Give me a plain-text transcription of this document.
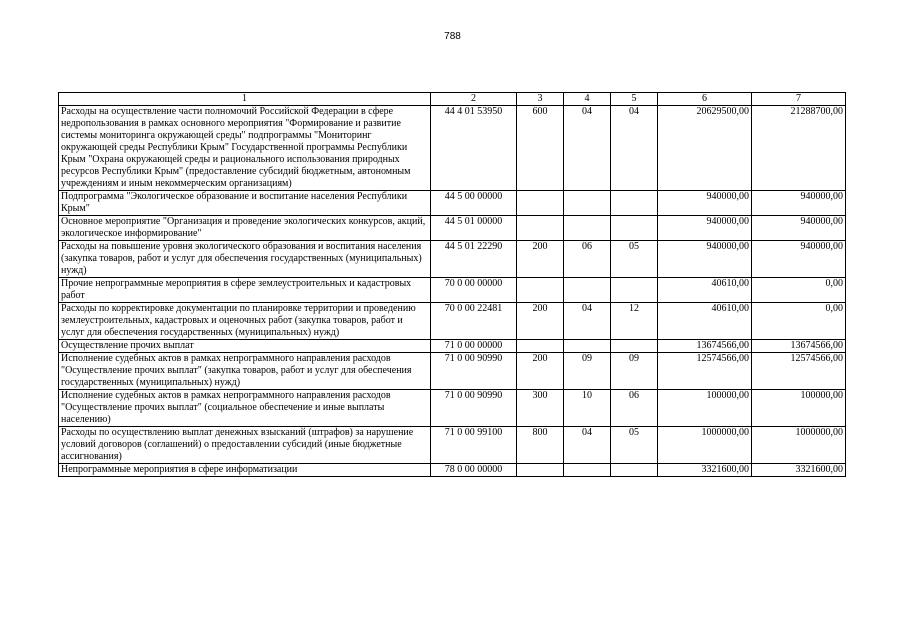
788
1	2	3	4	5	6	7
Расходы на осуществление части полномочий Российской Федерации в сфере недропользования в рамках основного мероприятия "Формирование и развитие системы мониторинга окружающей среды" подпрограммы "Мониторинг окружающей среды Республики Крым" Государственной программы Республики Крым "Охрана окружающей среды и рационального использования природных ресурсов Республики Крым" (предоставление субсидий бюджетным, автономным учреждениям и иным некоммерческим организациям)	44 4 01 53950	600	04	04	20629500,00	21288700,00
Подпрограмма "Экологическое образование и воспитание населения Республики Крым"	44 5 00 00000				940000,00	940000,00
Основное мероприятие "Организация и проведение экологических конкурсов, акций, экологическое информирование"	44 5 01 00000				940000,00	940000,00
Расходы на повышение уровня экологического образования и воспитания населения (закупка товаров, работ и услуг для обеспечения государственных (муниципальных) нужд)	44 5 01 22290	200	06	05	940000,00	940000,00
Прочие непрограммные мероприятия в сфере землеустроительных и кадастровых работ	70 0 00 00000				40610,00	0,00
Расходы по корректировке документации по планировке территории и проведению землеустроительных, кадастровых и оценочных работ (закупка товаров, работ и услуг для обеспечения государственных (муниципальных) нужд)	70 0 00 22481	200	04	12	40610,00	0,00
Осуществление прочих выплат	71 0 00 00000				13674566,00	13674566,00
Исполнение судебных актов в рамках непрограммного направления расходов "Осуществление прочих выплат" (закупка товаров, работ и услуг для обеспечения государственных (муниципальных) нужд)	71 0 00 90990	200	09	09	12574566,00	12574566,00
Исполнение судебных актов в рамках непрограммного направления расходов "Осуществление прочих выплат" (социальное обеспечение и иные выплаты населению)	71 0 00 90990	300	10	06	100000,00	100000,00
Расходы по осуществлению выплат денежных взысканий (штрафов) за нарушение условий договоров (соглашений) о предоставлении субсидий (иные бюджетные ассигнования)	71 0 00 99100	800	04	05	1000000,00	1000000,00
Непрограммные мероприятия в сфере информатизации	78 0 00 00000				3321600,00	3321600,00
